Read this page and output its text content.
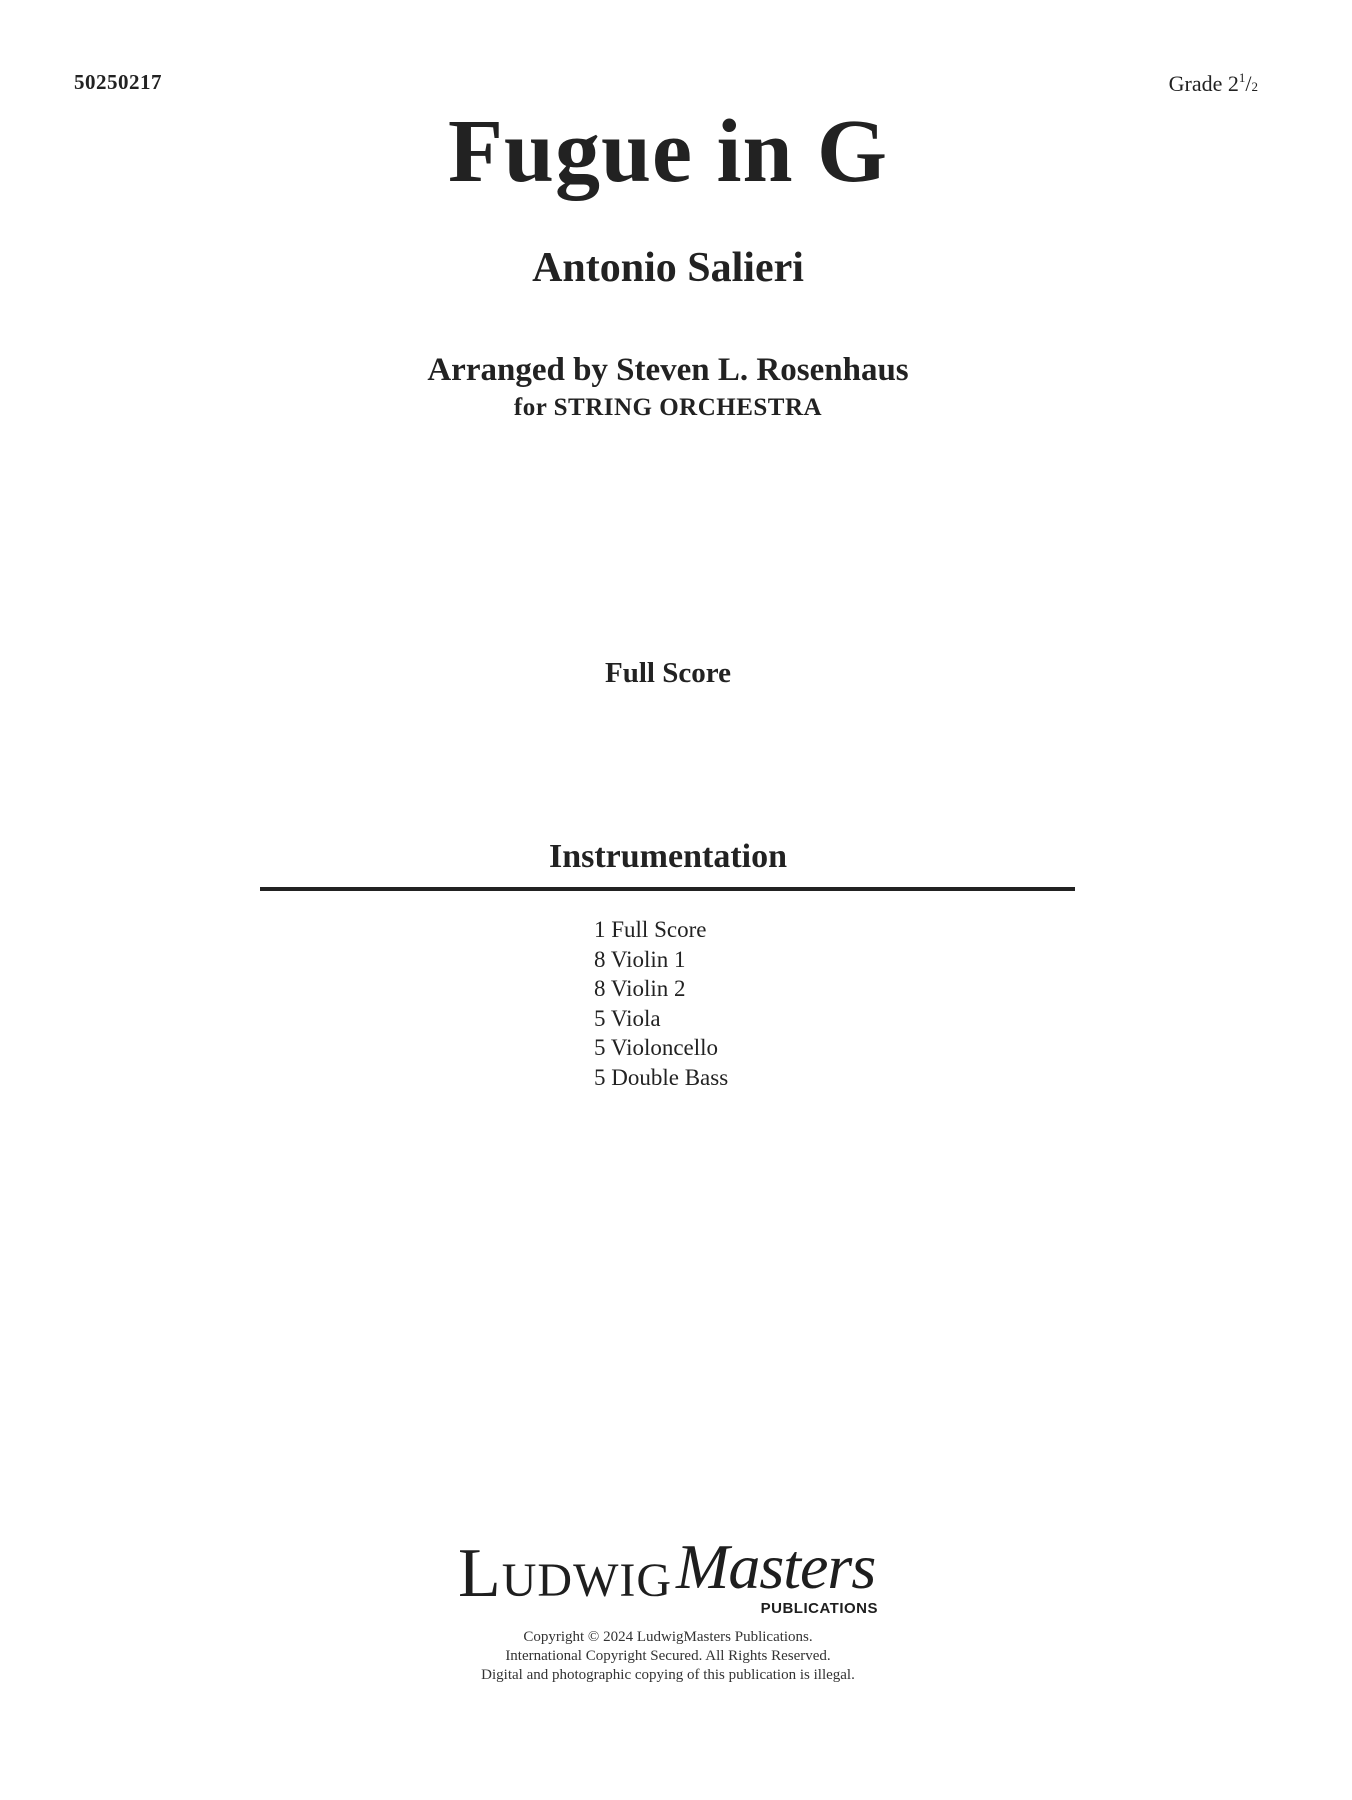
50250217	Grade $2^1/2$
Fugue in G
Antonio Salieri
Arranged by Steven L. Rosenhaus
for STRING ORCHESTRA
Full Score
Instrumentation
1 Full Score
8 Violin 1
8 Violin 2
5 Viola
5 Violoncello
5 Double Bass
LUDWIG Masters
PUBLICATIONS
Copyright © 2024 LudwigMasters Publications.
International Copyright Secured. All Rights Reserved.
Digital and photographic copying of this publication is illegal.
